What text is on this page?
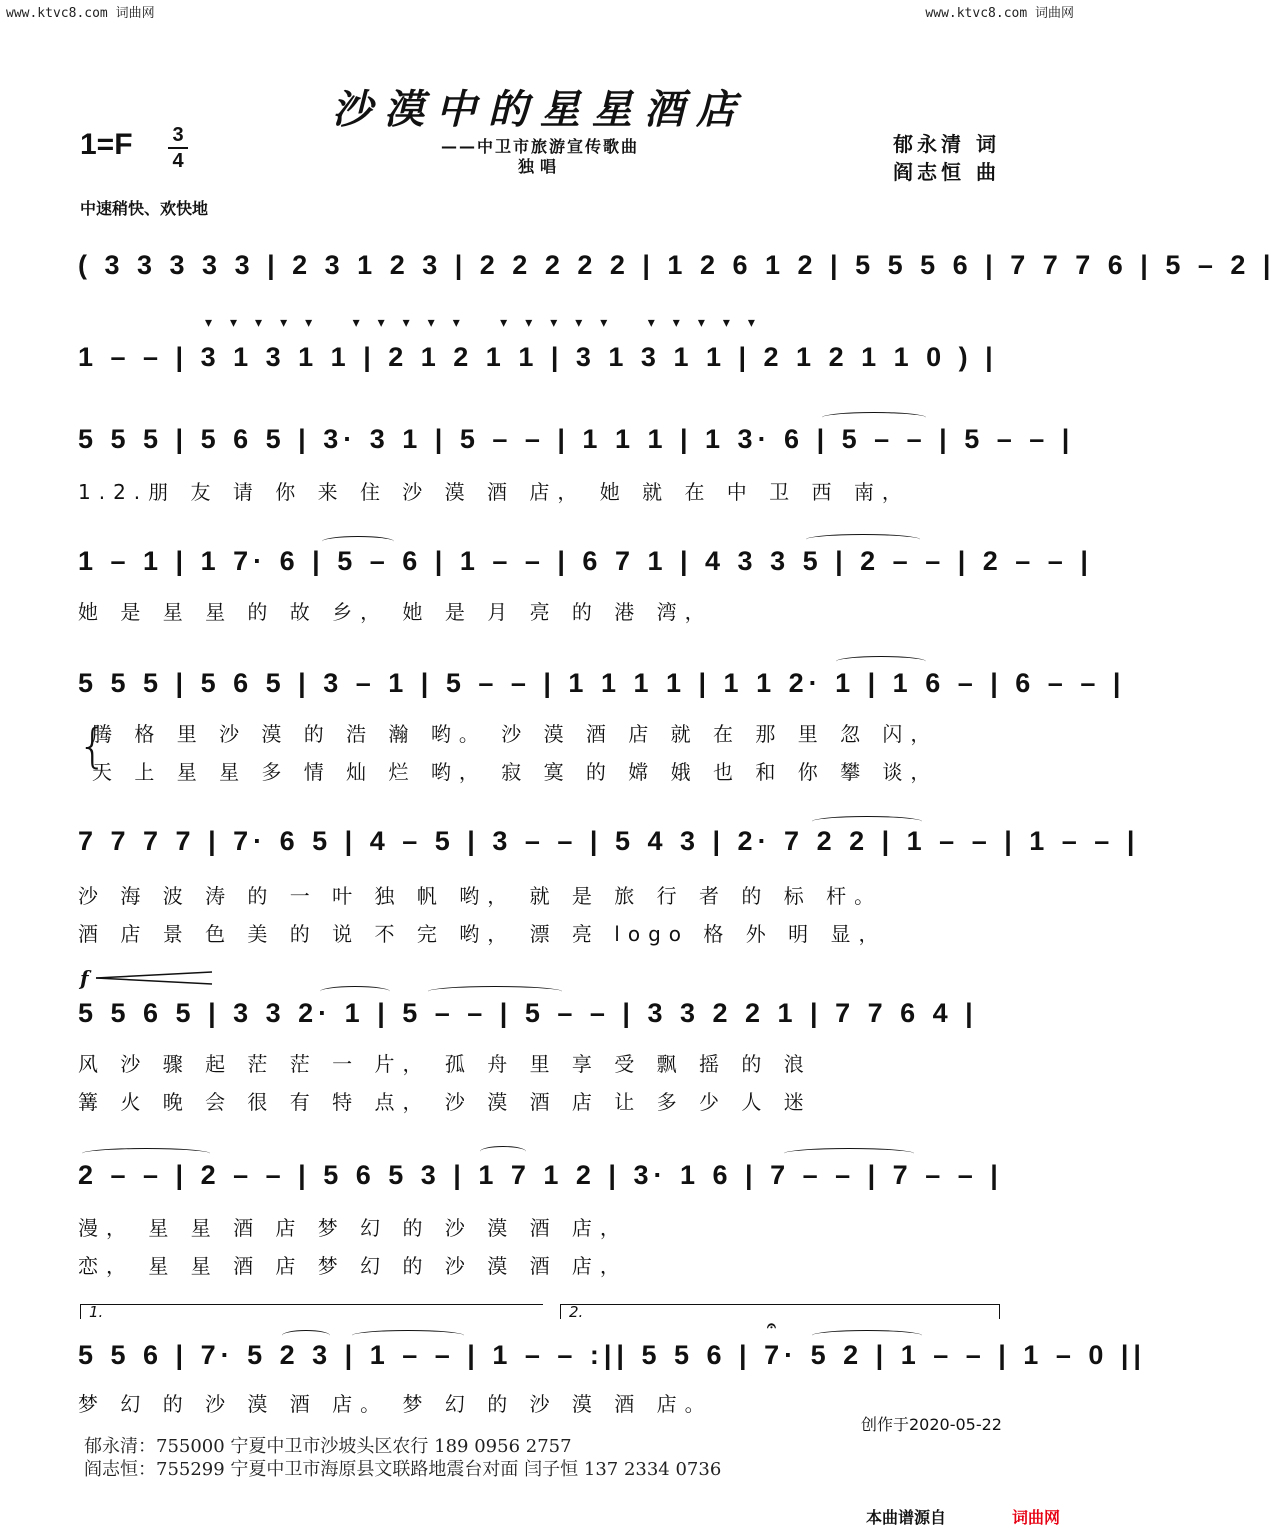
www.ktvc8.com 词曲网	www.ktvc8.com 词曲网
沙漠中的星星酒店
——中卫市旅游宣传歌曲
独唱
1=F 3
4
郁永清 词
阎志恒 曲
中速稍快、欢快地
( 3 3 3 3 3 | 2 3 1 2 3 | 2 2 2 2 2 | 1 2 6 1 2 | 5 5 5 6 | 7 7 7 6 | 5 – 2 |
▾▾▾▾▾ ▾▾▾▾▾ ▾▾▾▾▾ ▾▾▾▾▾
1 – – | 3 1 3 1 1 | 2 1 2 1 1 | 3 1 3 1 1 | 2 1 2 1 1 0 ) |
5 5 5 | 5 6 5 | 3· 3 1 | 5 – – | 1 1 1 | 1 3· 6 | 5 – – | 5 – – |
1.2.朋 友 请 你 来 住 沙 漠 酒 店， 她 就 在 中 卫 西 南，
1 – 1 | 1 7· 6 | 5 – 6 | 1 – – | 6 7 1 | 4 3 3 5 | 2 – – | 2 – – |
她 是 星 星 的 故 乡， 她 是 月 亮 的 港 湾，
5 5 5 | 5 6 5 | 3 – 1 | 5 – – | 1 1 1 1 | 1 1 2· 1 | 1 6 – | 6 – – |
腾 格 里 沙 漠 的 浩 瀚 哟。 沙 漠 酒 店 就 在 那 里 忽 闪，
天 上 星 星 多 情 灿 烂 哟， 寂 寞 的 嫦 娥 也 和 你 攀 谈，
{
7 7 7 7 | 7· 6 5 | 4 – 5 | 3 – – | 5 4 3 | 2· 7 2 2 | 1 – – | 1 – – |
沙 海 波 涛 的 一 叶 独 帆 哟， 就 是 旅 行 者 的 标 杆。
酒 店 景 色 美 的 说 不 完 哟， 漂 亮 logo 格 外 明 显，
f
5 5 6 5 | 3 3 2· 1 | 5 – – | 5 – – | 3 3 2 2 1 | 7 7 6 4 |
风 沙 骤 起 茫 茫 一 片， 孤 舟 里 享 受 飘 摇 的 浪
篝 火 晚 会 很 有 特 点， 沙 漠 酒 店 让 多 少 人 迷
2 – – | 2 – – | 5 6 5 3 | 1 7 1 2 | 3· 1 6 | 7 – – | 7 – – |
漫， 星 星 酒 店 梦 幻 的 沙 漠 酒 店，
恋， 星 星 酒 店 梦 幻 的 沙 漠 酒 店，
1.	2.
𝄐
5 5 6 | 7· 5 2 3 | 1 – – | 1 – – :|| 5 5 6 | 7· 5 2 | 1 – – | 1 – 0 ||
梦 幻 的 沙 漠 酒 店。 梦 幻 的 沙 漠 酒 店。
创作于2020-05-22
郁永清：755000 宁夏中卫市沙坡头区农行 189 0956 2757
阎志恒：755299 宁夏中卫市海原县文联路地震台对面 闫子恒 137 2334 0736
本曲谱源自	词曲网
